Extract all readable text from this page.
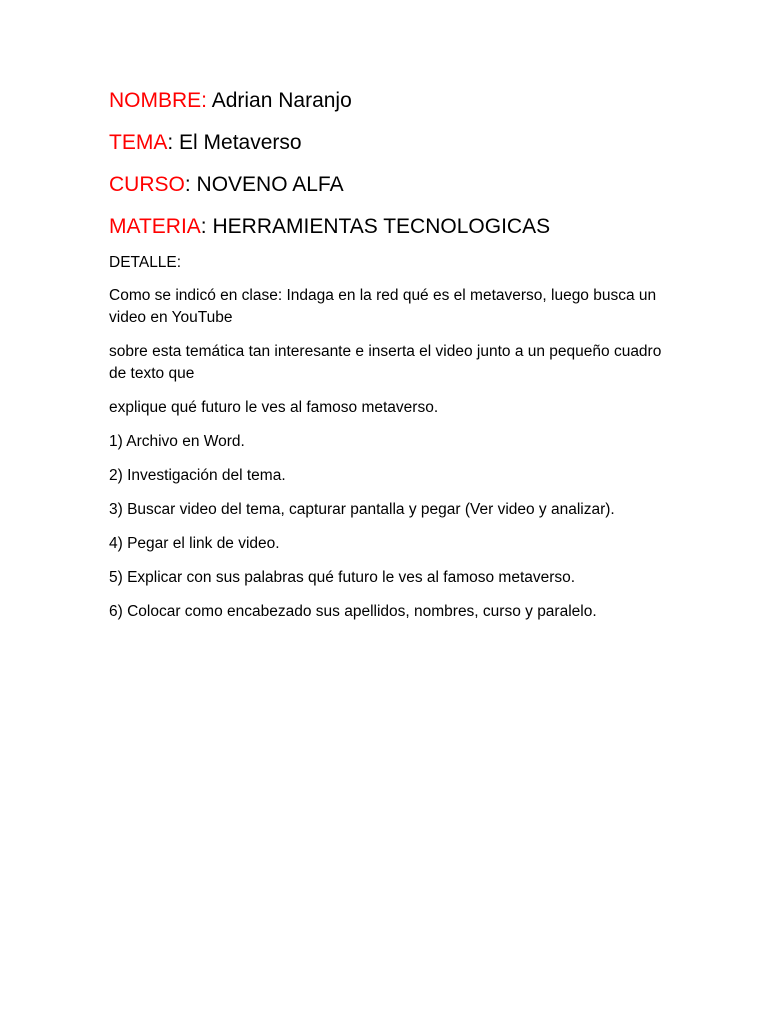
NOMBRE: Adrian Naranjo
TEMA: El Metaverso
CURSO: NOVENO ALFA
MATERIA: HERRAMIENTAS TECNOLOGICAS

DETALLE:

Como se indicó en clase: Indaga en la red qué es el metaverso, luego busca un video en YouTube

sobre esta temática tan interesante e inserta el video junto a un pequeño cuadro de texto que

explique qué futuro le ves al famoso metaverso.

1) Archivo en Word.

2) Investigación del tema.

3) Buscar video del tema, capturar pantalla y pegar (Ver video y analizar).

4) Pegar el link de video.

5) Explicar con sus palabras qué futuro le ves al famoso metaverso.

6) Colocar como encabezado sus apellidos, nombres, curso y paralelo.
